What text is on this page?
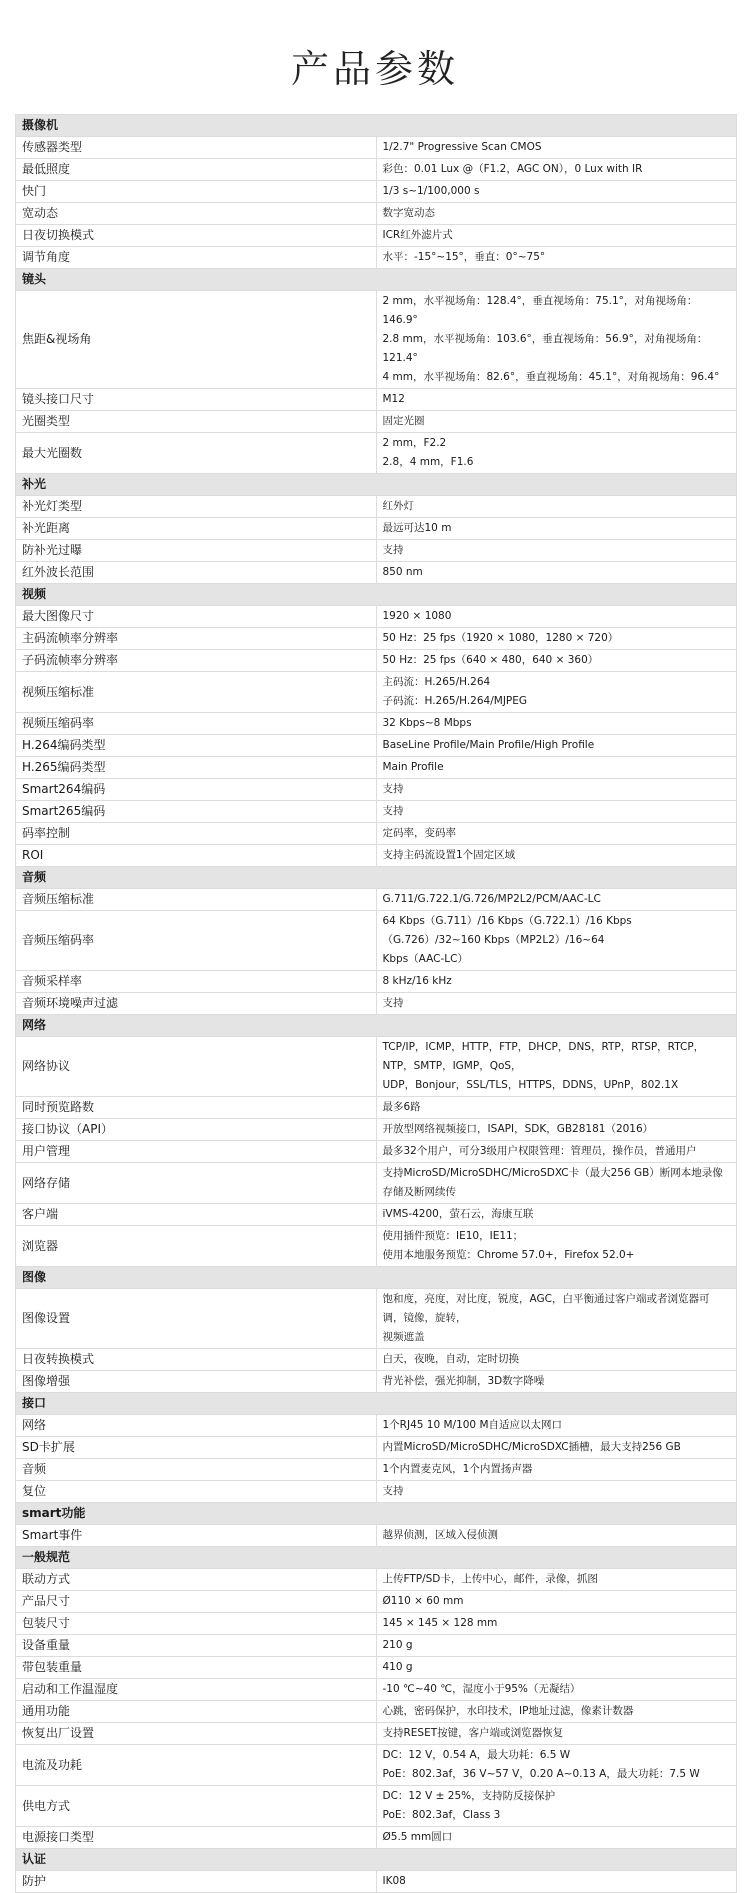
产品参数
摄像机	
传感器类型	1/2.7" Progressive Scan CMOS

最低照度	彩色：0.01 Lux @（F1.2，AGC ON），0 Lux with IR

快门	1/3 s~1/100,000 s

宽动态	数字宽动态

日夜切换模式	ICR红外滤片式

调节角度	水平：-15°~15°，垂直：0°~75°

镜头	
焦距&视场角	2 mm，水平视场角：128.4°，垂直视场角：75.1°，对角视场角：146.9°
2.8 mm，水平视场角：103.6°，垂直视场角：56.9°，对角视场角：121.4°
4 mm，水平视场角：82.6°，垂直视场角：45.1°，对角视场角：96.4°

镜头接口尺寸	M12

光圈类型	固定光圈

最大光圈数	2 mm，F2.2
2.8，4 mm，F1.6

补光	
补光灯类型	红外灯

补光距离	最远可达10 m

防补光过曝	支持

红外波长范围	850 nm

视频	
最大图像尺寸	1920 × 1080

主码流帧率分辨率	50 Hz：25 fps（1920 × 1080，1280 × 720）

子码流帧率分辨率	50 Hz：25 fps（640 × 480，640 × 360）

视频压缩标准	主码流：H.265/H.264
子码流：H.265/H.264/MJPEG

视频压缩码率	32 Kbps~8 Mbps

H.264编码类型	BaseLine Profile/Main Profile/High Profile

H.265编码类型	Main Profile

Smart264编码	支持

Smart265编码	支持

码率控制	定码率，变码率

ROI	支持主码流设置1个固定区域

音频	
音频压缩标准	G.711/G.722.1/G.726/MP2L2/PCM/AAC-LC

音频压缩码率	64 Kbps（G.711）/16 Kbps（G.722.1）/16 Kbps（G.726）/32~160 Kbps（MP2L2）/16~64
Kbps（AAC-LC）

音频采样率	8 kHz/16 kHz

音频环境噪声过滤	支持

网络	
网络协议	TCP/IP，ICMP，HTTP，FTP，DHCP，DNS，RTP，RTSP，RTCP，NTP，SMTP，IGMP，QoS，
UDP，Bonjour，SSL/TLS，HTTPS，DDNS，UPnP，802.1X

同时预览路数	最多6路

接口协议（API）	开放型网络视频接口，ISAPI，SDK，GB28181（2016）

用户管理	最多32个用户，可分3级用户权限管理：管理员，操作员，普通用户

网络存储	支持MicroSD/MicroSDHC/MicroSDXC卡（最大256 GB）断网本地录像存储及断网续传

客户端	iVMS-4200，萤石云，海康互联

浏览器	使用插件预览：IE10，IE11；
使用本地服务预览：Chrome 57.0+，Firefox 52.0+

图像	
图像设置	饱和度，亮度，对比度，锐度，AGC，白平衡通过客户端或者浏览器可调，镜像，旋转，
视频遮盖

日夜转换模式	白天，夜晚，自动，定时切换

图像增强	背光补偿，强光抑制，3D数字降噪

接口	
网络	1个RJ45 10 M/100 M自适应以太网口

SD卡扩展	内置MicroSD/MicroSDHC/MicroSDXC插槽，最大支持256 GB

音频	1个内置麦克风，1个内置扬声器

复位	支持

smart功能	
Smart事件	越界侦测，区域入侵侦测

一般规范	
联动方式	上传FTP/SD卡，上传中心，邮件，录像，抓图

产品尺寸	Ø110 × 60 mm

包装尺寸	145 × 145 × 128 mm

设备重量	210 g

带包装重量	410 g

启动和工作温湿度	-10 ℃~40 ℃，湿度小于95%（无凝结）

通用功能	心跳，密码保护，水印技术，IP地址过滤，像素计数器

恢复出厂设置	支持RESET按键，客户端或浏览器恢复

电流及功耗	DC：12 V，0.54 A，最大功耗：6.5 W
PoE：802.3af，36 V~57 V，0.20 A~0.13 A，最大功耗：7.5 W

供电方式	DC：12 V ± 25%，支持防反接保护
PoE：802.3af，Class 3

电源接口类型	Ø5.5 mm圆口

认证	
防护	IK08
